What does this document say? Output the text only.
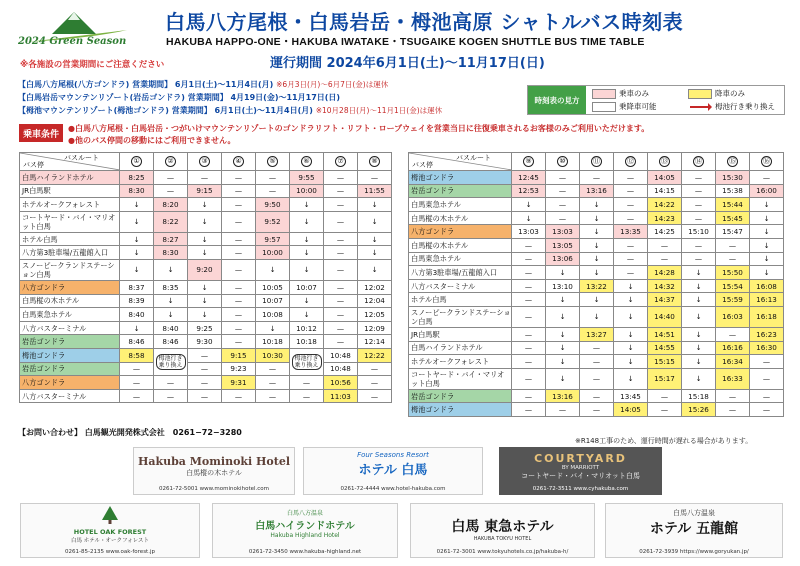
2024 Green Season
白馬八方尾根・白馬岩岳・栂池高原 シャトルバス時刻表
HAKUBA HAPPO-ONE・HAKUBA IWATAKE・TSUGAIKE KOGEN SHUTTLE BUS TIME TABLE
運行期間 2024年6月1日(土)～11月17日(日)
※各施設の営業期間にご注意ください
【白馬八方尾根(八方ゴンドラ) 営業期間】 6月1日(土)～11月4日(月) ※6月3日(月)～6月7日(金)は運休
【白馬岩岳マウンテンリゾート(岩岳ゴンドラ) 営業期間】 4月19日(金)～11月17日(日)
【栂池マウンテンリゾート(栂池ゴンドラ) 営業期間】 6月1日(土)～11月4日(月) ※10月28日(月)～11月1日(金)は運休
時刻表の見方
乗車のみ
乗降車可能
降車のみ
栂池行き乗り換え
乗車条件
●白馬八方尾根・白馬岩岳・つがいけマウンテンリゾートのゴンドラリフト・リフト・ロープウェイを営業当日に往復乗車されるお客様のみご利用いただけます。
●他のバス停間の移動にはご利用できません。
バスルート
バス停	①	②	③	④	⑤	⑥	⑦	⑧
白馬ハイランドホテル	8:25	—	—	—	—	9:55	—	—
JR白馬駅	8:30	—	9:15	—	—	10:00	—	11:55
ホテルオークフォレスト	↓	8:20	↓	—	9:50	↓	—	↓
コートヤード・バイ・マリオット白馬	↓	8:22	↓	—	9:52	↓	—	↓
ホテル白馬	↓	8:27	↓	—	9:57	↓	—	↓
八方第3駐車場/五龍館入口	↓	8:30	↓	—	10:00	↓	—	↓
スノーピークランドステーション白馬	↓	↓	9:20	—	↓	↓	—	↓
八方ゴンドラ	8:37	8:35	↓	—	10:05	10:07	—	12:02
白馬樅の木ホテル	8:39	↓	↓	—	10:07	↓	—	12:04
白馬東急ホテル	8:40	↓	↓	—	10:08	↓	—	12:05
八方バスターミナル	↓	8:40	9:25	—	↓	10:12	—	12:09
岩岳ゴンドラ	8:46	8:46	9:30	—	10:18	10:18	—	12:14
栂池ゴンドラ	8:58	栂池行き乗り換え	—	9:15	10:30	栂池行き乗り換え	10:48	12:22
岩岳ゴンドラ	—		—	9:23	—		10:48	—
八方ゴンドラ	—	—	—	9:31	—	—	10:56	—
八方バスターミナル	—	—	—	—	—	—	11:03	—
バスルート
バス停	⑨	⑩	⑪	⑫	⑬	⑭	⑮	⑯
栂池ゴンドラ	12:45	—	—	—	14:05	—	15:30	—
岩岳ゴンドラ	12:53	—	13:16	—	14:15	—	15:38	16:00
白馬東急ホテル	↓	—	↓	—	14:22	—	15:44	↓
白馬樅の木ホテル	↓	—	↓	—	14:23	—	15:45	↓
八方ゴンドラ	13:03	13:03	↓	13:35	14:25	15:10	15:47	↓
白馬樅の木ホテル	—	13:05	↓	—	—	—	—	↓
白馬東急ホテル	—	13:06	↓	—	—	—	—	↓
八方第3駐車場/五龍館入口	—	↓	↓	—	14:28	↓	15:50	↓
八方バスターミナル	—	13:10	13:22	↓	14:32	↓	15:54	16:08
ホテル白馬	—	↓	↓	↓	14:37	↓	15:59	16:13
スノーピークランドステーション白馬	—	↓	↓	↓	14:40	↓	16:03	16:18
JR白馬駅	—	↓	13:27	↓	14:51	↓	—	16:23
白馬ハイランドホテル	—	↓	—	↓	14:55	↓	16:16	16:30
ホテルオークフォレスト	—	↓	—	↓	15:15	↓	16:34	—
コートヤード・バイ・マリオット白馬	—	↓	—	↓	15:17	↓	16:33	—
岩岳ゴンドラ	—	13:16	—	13:45	—	15:18	—	—
栂池ゴンドラ	—	—	—	14:05	—	15:26	—	—
※R148工事のため、運行時間が遅れる場合があります。
【お問い合わせ】 白馬観光開発株式会社　 0261−72−3280
Hakuba Mominoki Hotel
白馬樅の木ホテル
0261-72-5001 www.mominokihotel.com
Four Seasons Resort
ホテル 白馬
0261-72-4444 www.hotel-hakuba.com
COURTYARD
BY MARRIOTT
コートヤード・バイ・マリオット白馬
0261-72-3511 www.cyhakuba.com
HOTEL OAK FOREST
白馬 ホテル・オークフォレスト
0261-85-2135 www.oak-forest.jp
白馬八方温泉
白馬ハイランドホテル
Hakuba Highland Hotel
0261-72-3450 www.hakuba-highland.net
白馬 東急ホテル
HAKUBA TOKYU HOTEL
0261-72-3001 www.tokyuhotels.co.jp/hakuba-h/
白馬八方温泉
ホテル 五龍館
0261-72-3939 https://www.goryukan.jp/
